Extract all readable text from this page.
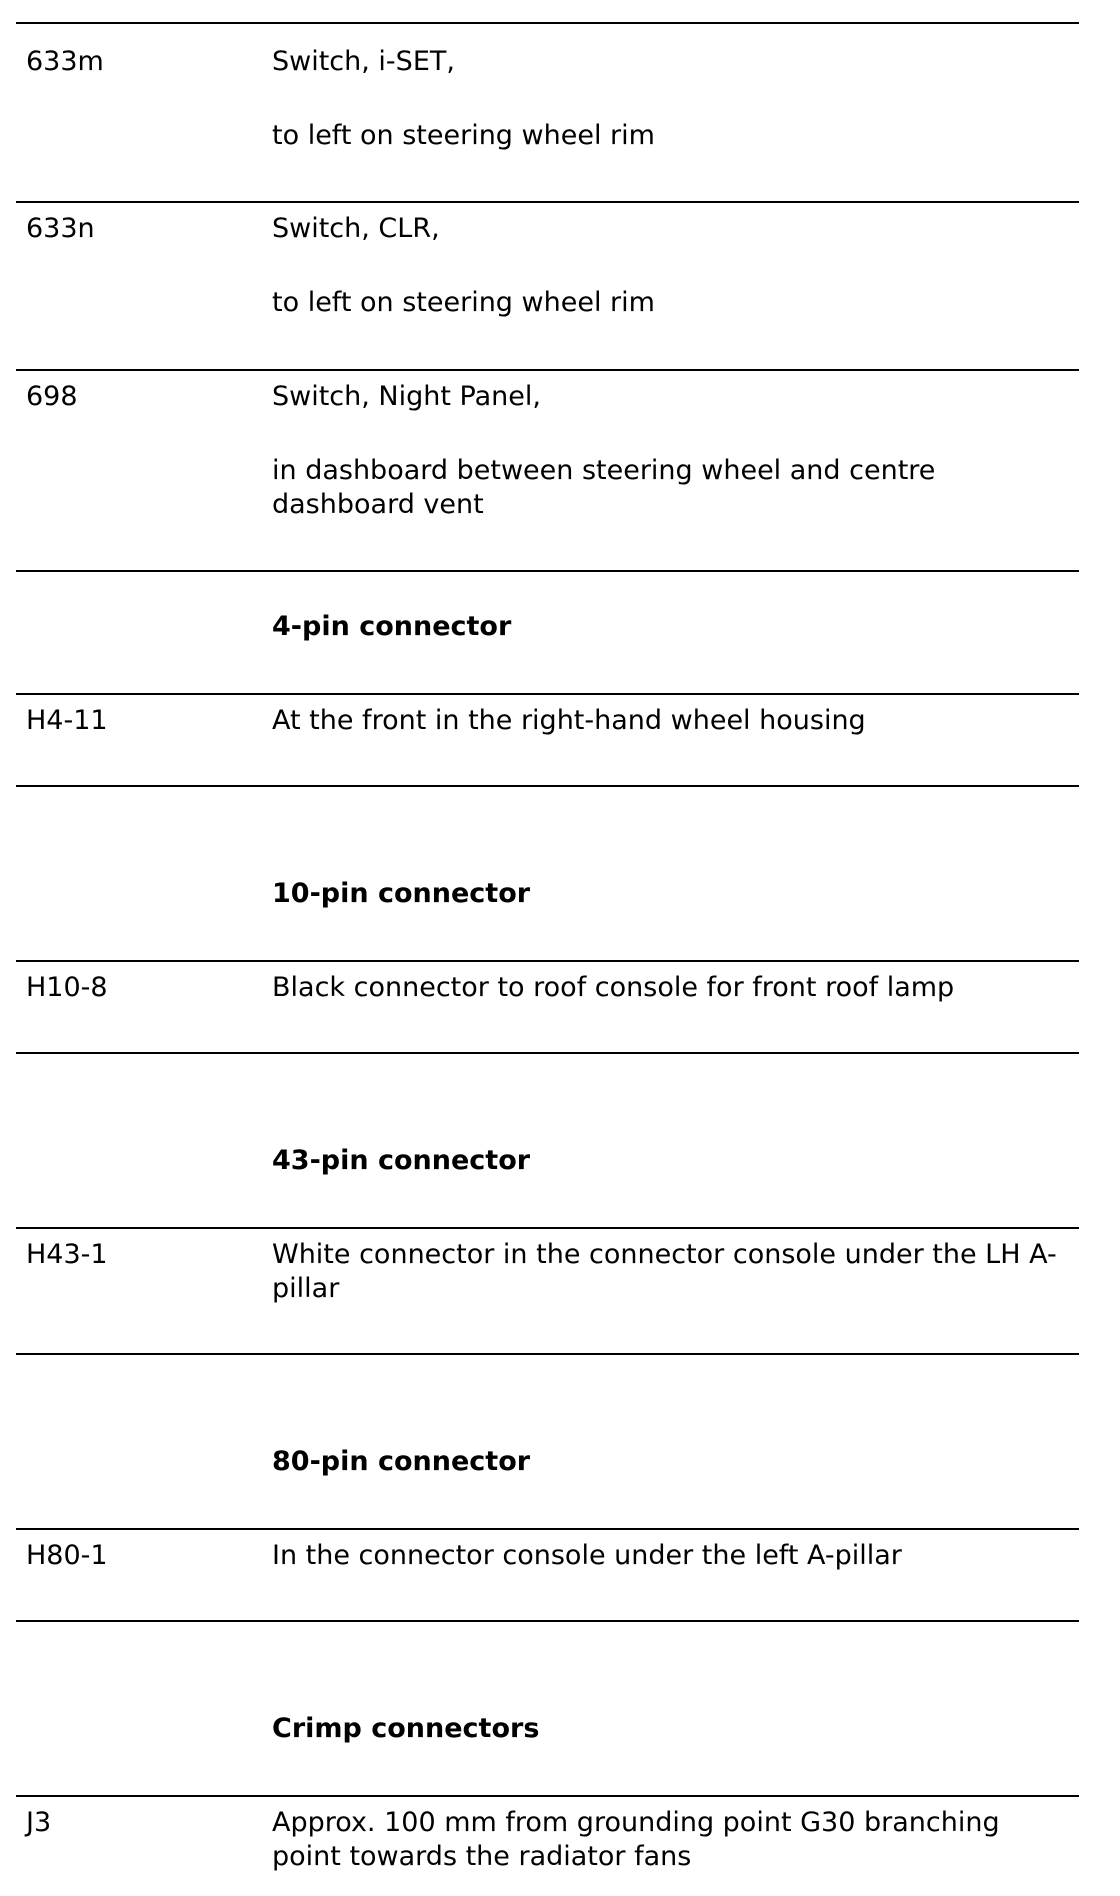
633m	Switch, i-SET,
to left on steering wheel rim
633n	Switch, CLR,
to left on steering wheel rim
698	Switch, Night Panel,
in dashboard between steering wheel and centre dashboard vent
4-pin connector
H4-11	At the front in the right-hand wheel housing
10-pin connector
H10-8	Black connector to roof console for front roof lamp
43-pin connector
H43-1	White connector in the connector console under the LH A-pillar
80-pin connector
H80-1	In the connector console under the left A-pillar
Crimp connectors
J3	Approx. 100 mm from grounding point G30 branching point towards the radiator fans
